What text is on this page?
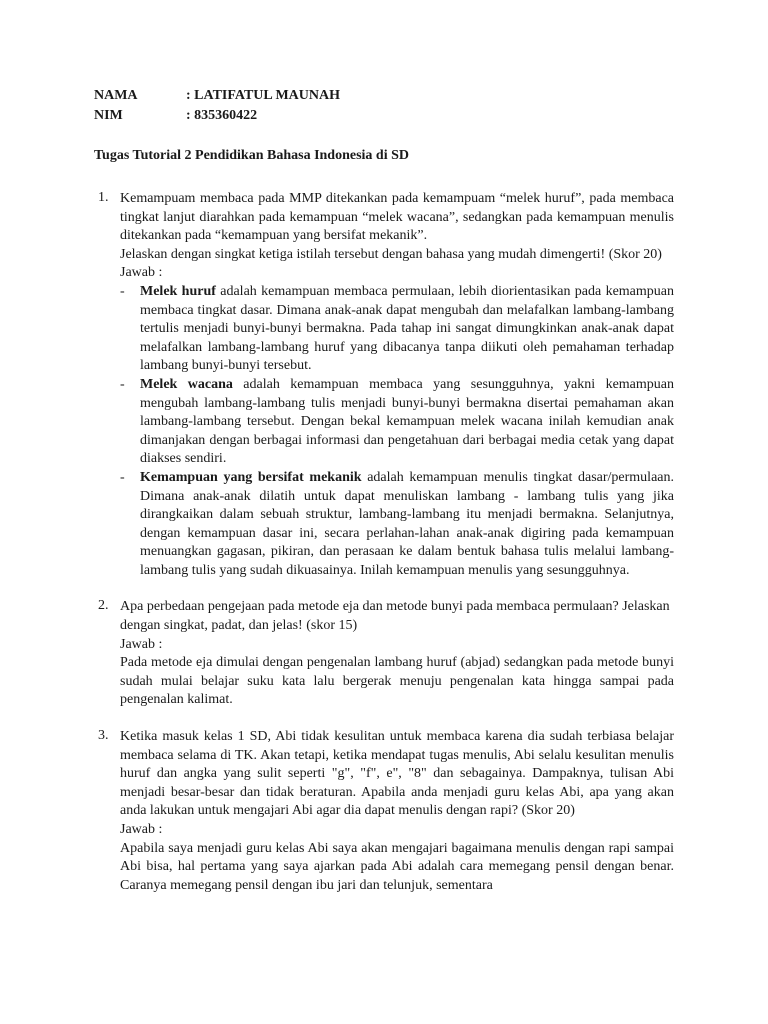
NAMA	: LATIFATUL MAUNAH
NIM	: 835360422
Tugas Tutorial 2 Pendidikan Bahasa Indonesia di SD
1. Kemampuam membaca pada MMP ditekankan pada kemampuam “melek huruf”, pada membaca tingkat lanjut diarahkan pada kemampuan “melek wacana”, sedangkan pada kemampuan menulis ditekankan pada “kemampuan yang bersifat mekanik”.
Jelaskan dengan singkat ketiga istilah tersebut dengan bahasa yang mudah dimengerti! (Skor 20)
Jawab :
- Melek huruf adalah kemampuan membaca permulaan, lebih diorientasikan pada kemampuan membaca tingkat dasar. Dimana anak-anak dapat mengubah dan melafalkan lambang-lambang tertulis menjadi bunyi-bunyi bermakna. Pada tahap ini sangat dimungkinkan anak-anak dapat melafalkan lambang-lambang huruf yang dibacanya tanpa diikuti oleh pemahaman terhadap lambang bunyi-bunyi tersebut.
- Melek wacana adalah kemampuan membaca yang sesungguhnya, yakni kemampuan mengubah lambang-lambang tulis menjadi bunyi-bunyi bermakna disertai pemahaman akan lambang-lambang tersebut. Dengan bekal kemampuan melek wacana inilah kemudian anak dimanjakan dengan berbagai informasi dan pengetahuan dari berbagai media cetak yang dapat diakses sendiri.
- Kemampuan yang bersifat mekanik adalah kemampuan menulis tingkat dasar/permulaan. Dimana anak-anak dilatih untuk dapat menuliskan lambang - lambang tulis yang jika dirangkaikan dalam sebuah struktur, lambang-lambang itu menjadi bermakna. Selanjutnya, dengan kemampuan dasar ini, secara perlahan-lahan anak-anak digiring pada kemampuan menuangkan gagasan, pikiran, dan perasaan ke dalam bentuk bahasa tulis melalui lambang-lambang tulis yang sudah dikuasainya. Inilah kemampuan menulis yang sesungguhnya.
2. Apa perbedaan pengejaan pada metode eja dan metode bunyi pada membaca permulaan? Jelaskan dengan singkat, padat, dan jelas! (skor 15)
Jawab :
Pada metode eja dimulai dengan pengenalan lambang huruf (abjad) sedangkan pada metode bunyi sudah mulai belajar suku kata lalu bergerak menuju pengenalan kata hingga sampai pada pengenalan kalimat.
3. Ketika masuk kelas 1 SD, Abi tidak kesulitan untuk membaca karena dia sudah terbiasa belajar membaca selama di TK. Akan tetapi, ketika mendapat tugas menulis, Abi selalu kesulitan menulis huruf dan angka yang sulit seperti "g", "f", e", "8" dan sebagainya. Dampaknya, tulisan Abi menjadi besar-besar dan tidak beraturan. Apabila anda menjadi guru kelas Abi, apa yang akan anda lakukan untuk mengajari Abi agar dia dapat menulis dengan rapi? (Skor 20)
Jawab :
Apabila saya menjadi guru kelas Abi saya akan mengajari bagaimana menulis dengan rapi sampai Abi bisa, hal pertama yang saya ajarkan pada Abi adalah cara memegang pensil dengan benar. Caranya memegang pensil dengan ibu jari dan telunjuk, sementara
